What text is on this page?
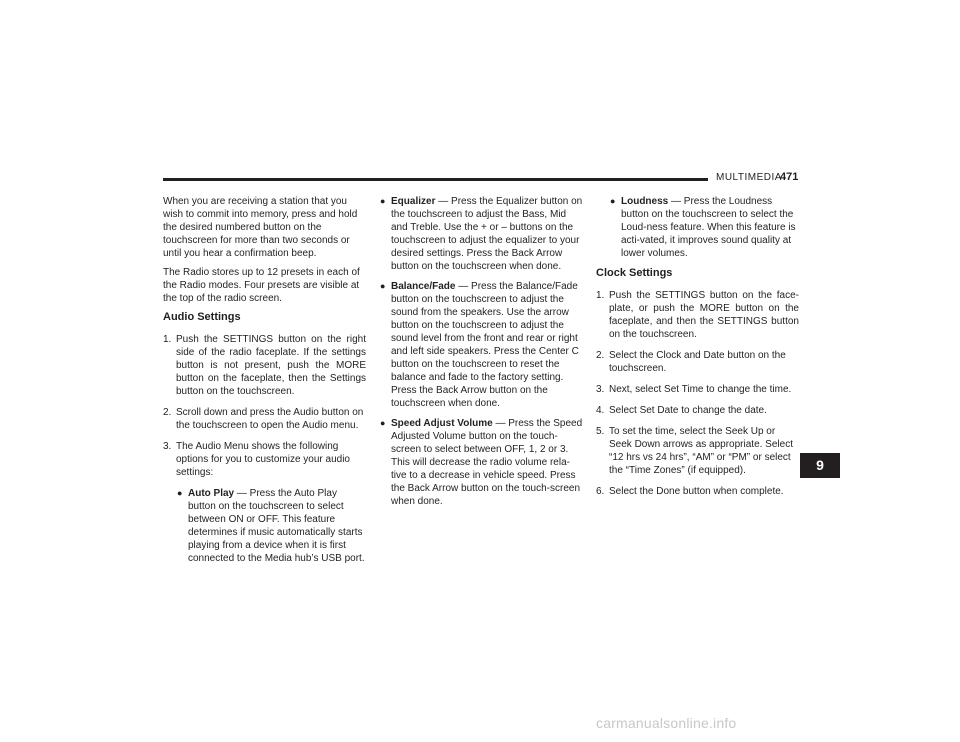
MULTIMEDIA
471

When you are receiving a station that you wish to commit into memory, press and hold the desired numbered button on the touchscreen for more than two seconds or until you hear a confirmation beep.

The Radio stores up to 12 presets in each of the Radio modes. Four presets are visible at the top of the radio screen.

Audio Settings
1. Push the SETTINGS button on the right side of the radio faceplate. If the settings button is not present, push the MORE button on the faceplate, then the Settings button on the touchscreen.
2. Scroll down and press the Audio button on the touchscreen to open the Audio menu.
3. The Audio Menu shows the following options for you to customize your audio settings:
● Auto Play — Press the Auto Play button on the touchscreen to select between ON or OFF. This feature determines if music automatically starts playing from a device when it is first connected to the Media hub’s USB port.
● Equalizer — Press the Equalizer button on the touchscreen to adjust the Bass, Mid and Treble. Use the + or – buttons on the touchscreen to adjust the equalizer to your desired settings. Press the Back Arrow button on the touchscreen when done.
● Balance/Fade — Press the Balance/Fade button on the touchscreen to adjust the sound from the speakers. Use the arrow button on the touchscreen to adjust the sound level from the front and rear or right and left side speakers. Press the Center C button on the touchscreen to reset the balance and fade to the factory setting. Press the Back Arrow button on the touchscreen when done.
● Speed Adjust Volume — Press the Speed Adjusted Volume button on the touch-screen to select between OFF, 1, 2 or 3. This will decrease the radio volume rela-tive to a decrease in vehicle speed. Press the Back Arrow button on the touch-screen when done.
● Loudness — Press the Loudness button on the touchscreen to select the Loud-ness feature. When this feature is acti-vated, it improves sound quality at lower volumes.
Clock Settings
1. Push the SETTINGS button on the face-plate, or push the MORE button on the faceplate, and then the SETTINGS button on the touchscreen.
2. Select the Clock and Date button on the touchscreen.
3. Next, select Set Time to change the time.
4. Select Set Date to change the date.
5. To set the time, select the Seek Up or Seek Down arrows as appropriate. Select “12 hrs vs 24 hrs”, “AM” or “PM” or select the “Time Zones” (if equipped).
6. Select the Done button when complete.
9
carmanualsonline.info
